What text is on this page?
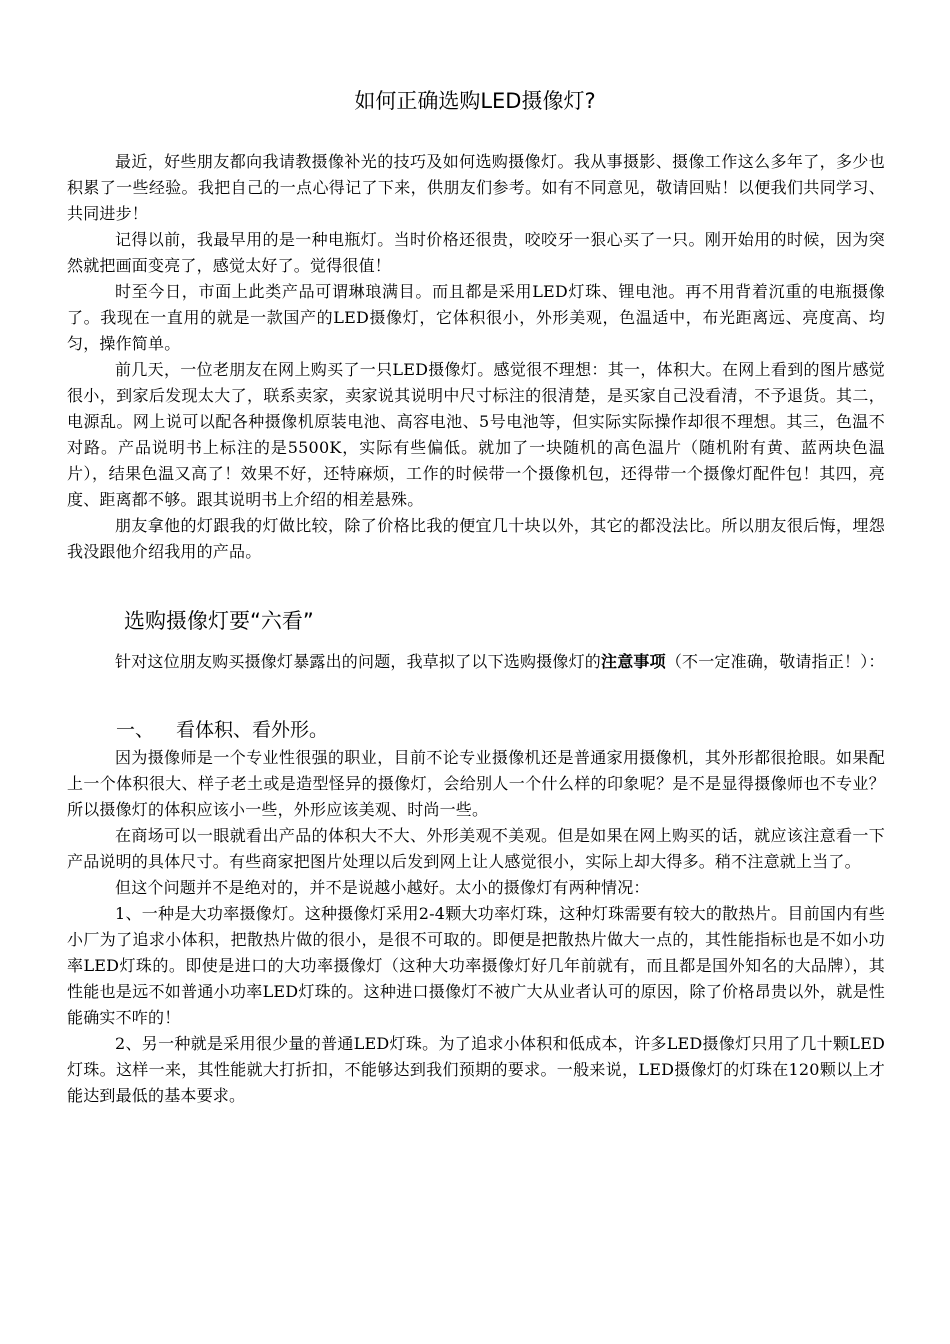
如何正确选购LED摄像灯?

最近，好些朋友都向我请教摄像补光的技巧及如何选购摄像灯。我从事摄影、摄像工作这么多年了，多少也积累了一些经验。我把自己的一点心得记了下来，供朋友们参考。如有不同意见，敬请回贴！以便我们共同学习、共同进步！

记得以前，我最早用的是一种电瓶灯。当时价格还很贵，咬咬牙一狠心买了一只。刚开始用的时候，因为突然就把画面变亮了，感觉太好了。觉得很值！

时至今日，市面上此类产品可谓琳琅满目。而且都是采用LED灯珠、锂电池。再不用背着沉重的电瓶摄像了。我现在一直用的就是一款国产的LED摄像灯，它体积很小，外形美观，色温适中，布光距离远、亮度高、均匀，操作简单。

前几天，一位老朋友在网上购买了一只LED摄像灯。感觉很不理想：其一，体积大。在网上看到的图片感觉很小，到家后发现太大了，联系卖家，卖家说其说明中尺寸标注的很清楚，是买家自己没看清，不予退货。其二，电源乱。网上说可以配各种摄像机原装电池、高容电池、5号电池等，但实际实际操作却很不理想。其三，色温不对路。产品说明书上标注的是5500K，实际有些偏低。就加了一块随机的高色温片（随机附有黄、蓝两块色温片），结果色温又高了！效果不好，还特麻烦，工作的时候带一个摄像机包，还得带一个摄像灯配件包！其四，亮度、距离都不够。跟其说明书上介绍的相差悬殊。

朋友拿他的灯跟我的灯做比较，除了价格比我的便宜几十块以外，其它的都没法比。所以朋友很后悔，埋怨我没跟他介绍我用的产品。

选购摄像灯要“六看”

针对这位朋友购买摄像灯暴露出的问题，我草拟了以下选购摄像灯的注意事项（不一定准确，敬请指正！）：

一、 看体积、看外形。

因为摄像师是一个专业性很强的职业，目前不论专业摄像机还是普通家用摄像机，其外形都很抢眼。如果配上一个体积很大、样子老土或是造型怪异的摄像灯，会给别人一个什么样的印象呢？是不是显得摄像师也不专业？所以摄像灯的体积应该小一些，外形应该美观、时尚一些。

在商场可以一眼就看出产品的体积大不大、外形美观不美观。但是如果在网上购买的话，就应该注意看一下产品说明的具体尺寸。有些商家把图片处理以后发到网上让人感觉很小，实际上却大得多。稍不注意就上当了。

但这个问题并不是绝对的，并不是说越小越好。太小的摄像灯有两种情况：

1、一种是大功率摄像灯。这种摄像灯采用2-4颗大功率灯珠，这种灯珠需要有较大的散热片。目前国内有些小厂为了追求小体积，把散热片做的很小，是很不可取的。即便是把散热片做大一点的，其性能指标也是不如小功率LED灯珠的。即使是进口的大功率摄像灯（这种大功率摄像灯好几年前就有，而且都是国外知名的大品牌），其性能也是远不如普通小功率LED灯珠的。这种进口摄像灯不被广大从业者认可的原因，除了价格昂贵以外，就是性能确实不咋的！

2、另一种就是采用很少量的普通LED灯珠。为了追求小体积和低成本，许多LED摄像灯只用了几十颗LED灯珠。这样一来，其性能就大打折扣，不能够达到我们预期的要求。一般来说，LED摄像灯的灯珠在120颗以上才能达到最低的基本要求。
